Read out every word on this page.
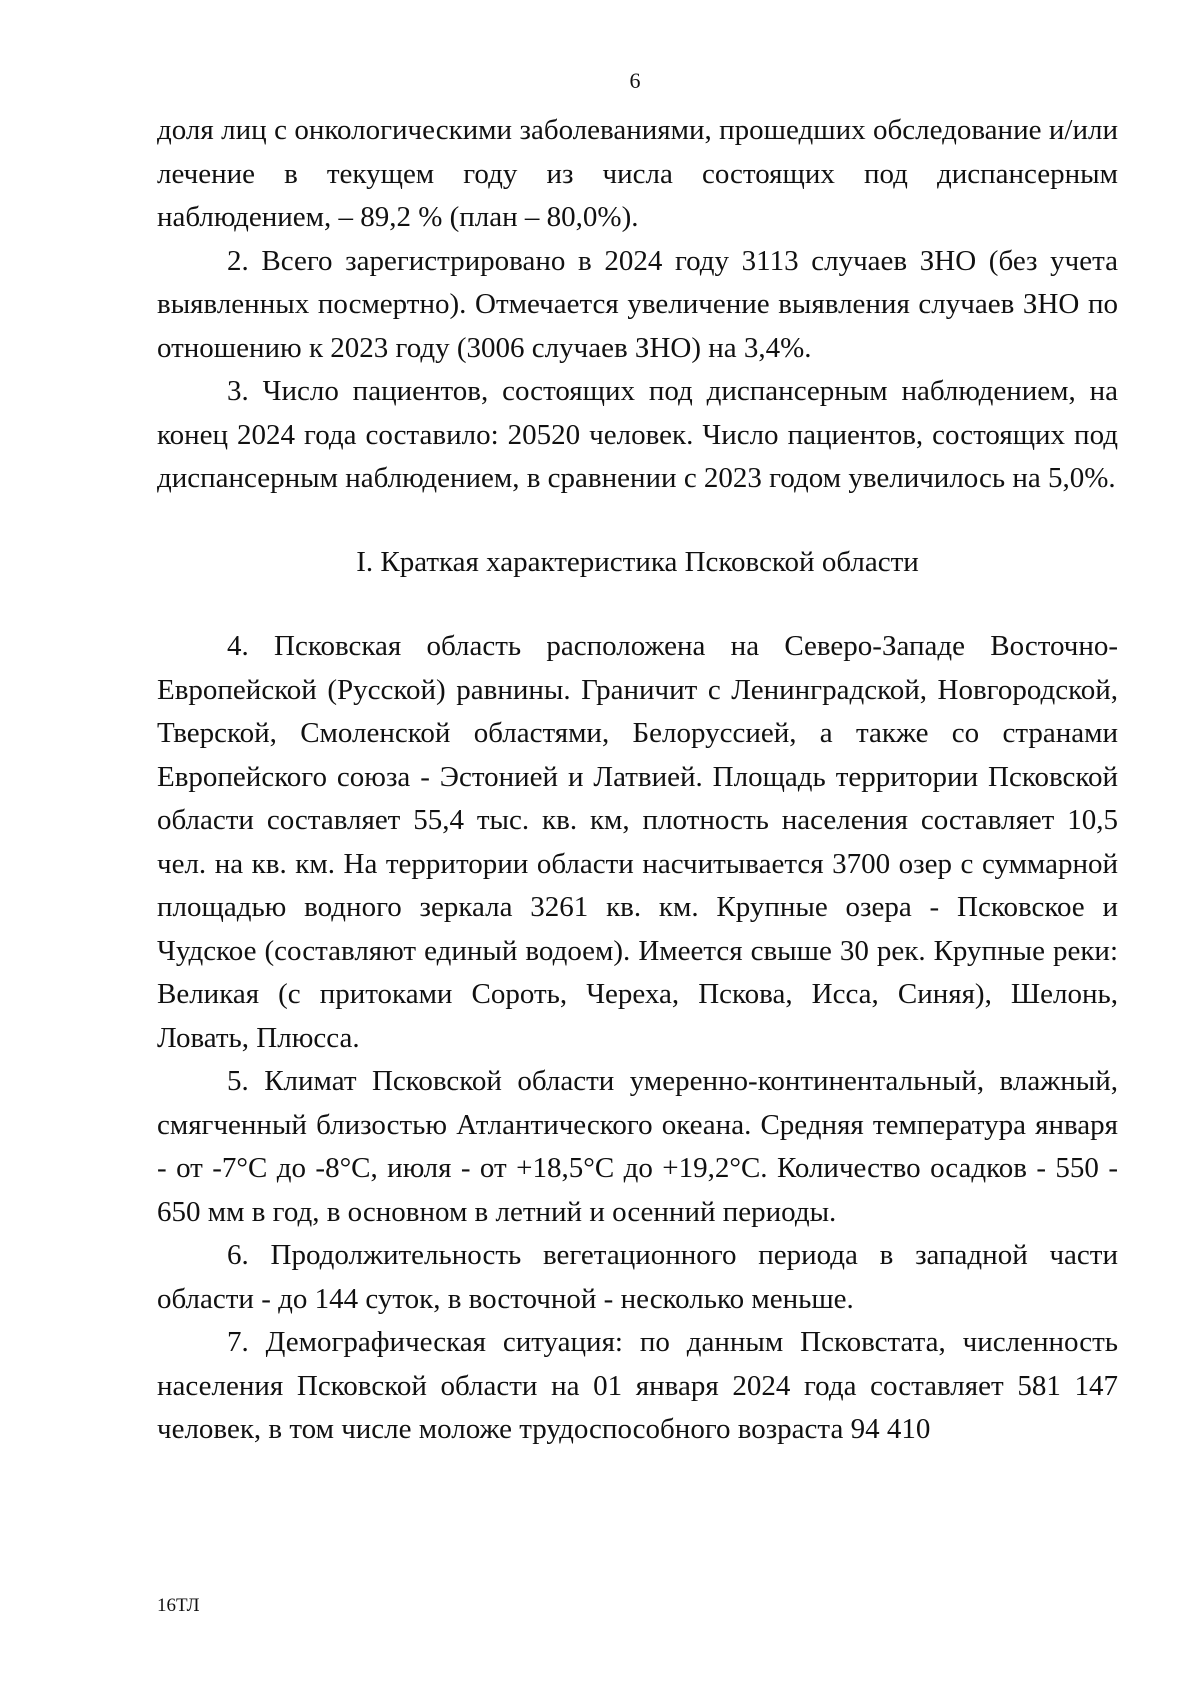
6

доля лиц с онкологическими заболеваниями, прошедших обследование и/или лечение в текущем году из числа состоящих под диспансерным наблюдением, – 89,2 % (план – 80,0%).

2. Всего зарегистрировано в 2024 году 3113 случаев ЗНО (без учета выявленных посмертно). Отмечается увеличение выявления случаев ЗНО по отношению к 2023 году (3006 случаев ЗНО) на 3,4%.

3. Число пациентов, состоящих под диспансерным наблюдением, на конец 2024 года составило: 20520 человек. Число пациентов, состоящих под диспансерным наблюдением, в сравнении с 2023 годом увеличилось на 5,0%.

I. Краткая характеристика Псковской области

4. Псковская область расположена на Северо-Западе Восточно-Европейской (Русской) равнины. Граничит с Ленинградской, Новгородской, Тверской, Смоленской областями, Белоруссией, а также со странами Европейского союза - Эстонией и Латвией. Площадь территории Псковской области составляет 55,4 тыс. кв. км, плотность населения составляет 10,5 чел. на кв. км. На территории области насчитывается 3700 озер с суммарной площадью водного зеркала 3261 кв. км. Крупные озера - Псковское и Чудское (составляют единый водоем). Имеется свыше 30 рек. Крупные реки: Великая (с притоками Сороть, Череха, Пскова, Исса, Синяя), Шелонь, Ловать, Плюсса.

5. Климат Псковской области умеренно-континентальный, влажный, смягченный близостью Атлантического океана. Средняя температура января - от -7°С до -8°С, июля - от +18,5°С до +19,2°С. Количество осадков - 550 - 650 мм в год, в основном в летний и осенний периоды.

6. Продолжительность вегетационного периода в западной части области - до 144 суток, в восточной - несколько меньше.

7. Демографическая ситуация: по данным Псковстата, численность населения Псковской области на 01 января 2024 года составляет 581 147 человек, в том числе моложе трудоспособного возраста 94 410

16ТЛ
